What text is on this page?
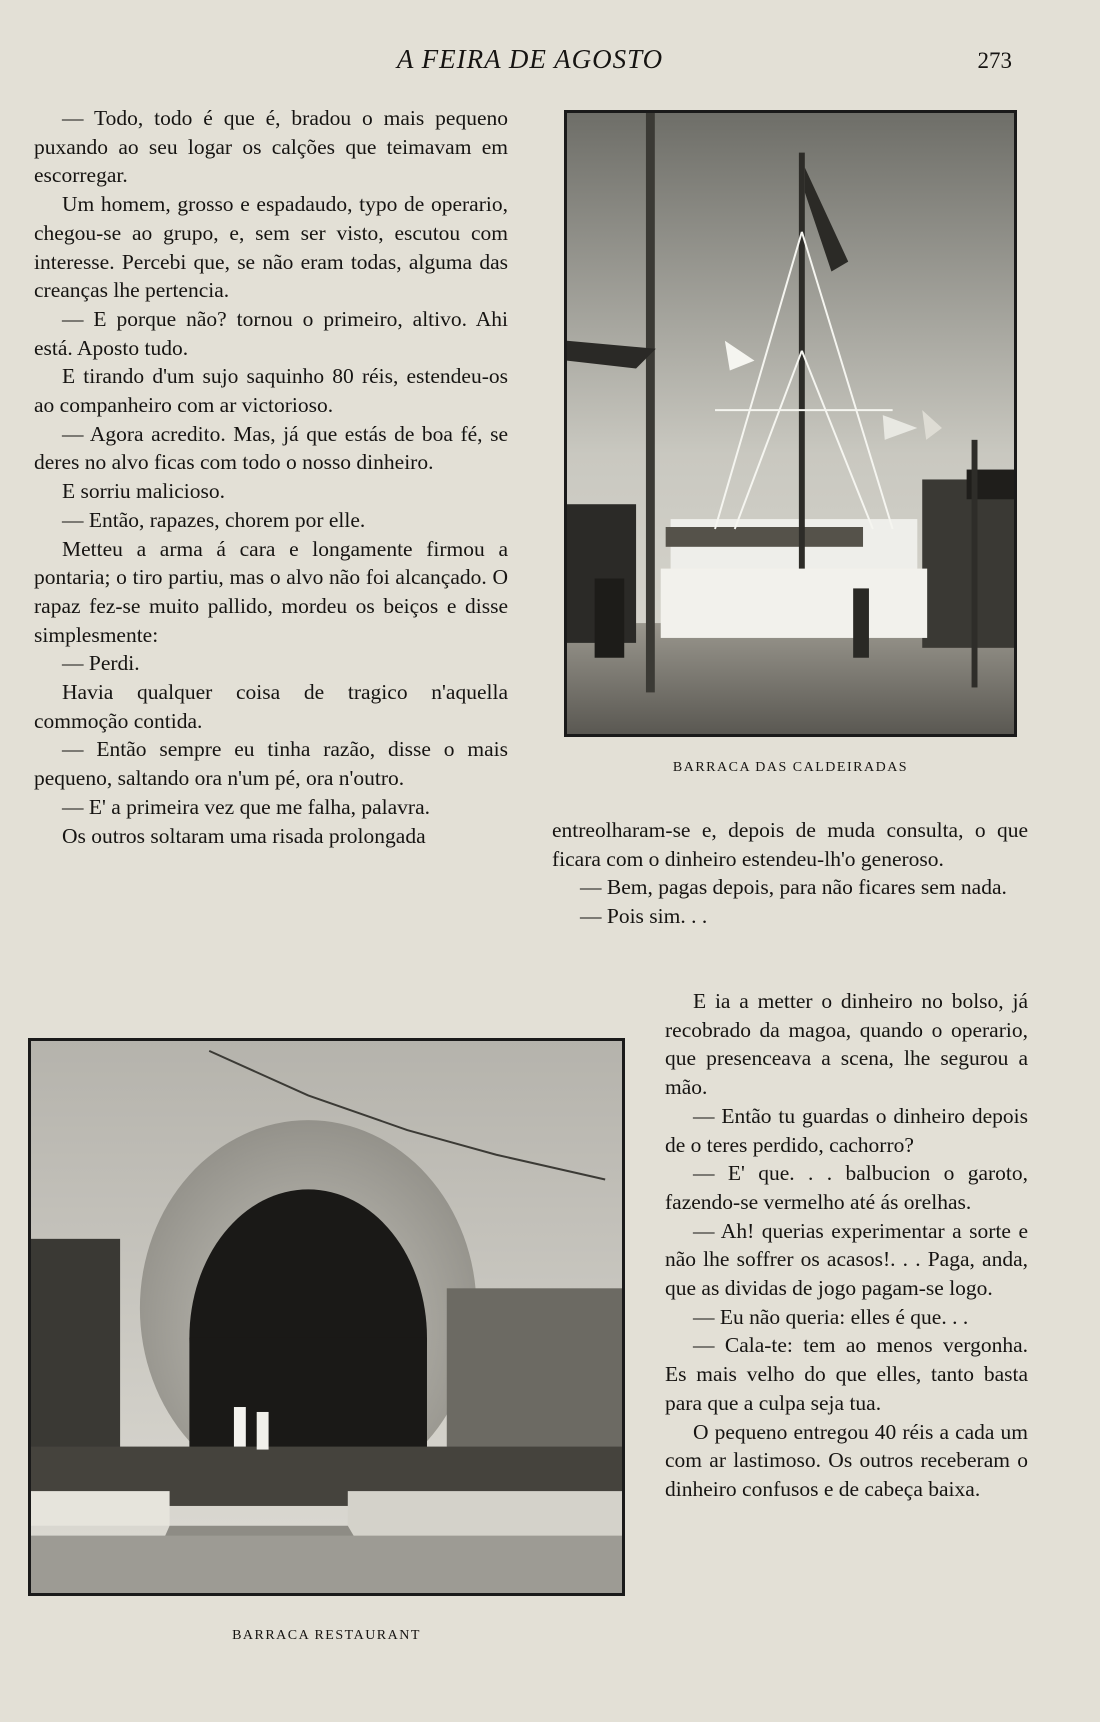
A FEIRA DE AGOSTO	273

— Todo, todo é que é, bradou o mais pequeno puxando ao seu logar os calções que teimavam em escorregar.

Um homem, grosso e espadaudo, typo de operario, chegou-se ao grupo, e, sem ser visto, escutou com interesse. Percebi que, se não eram todas, alguma das creanças lhe pertencia.

— E porque não? tornou o primeiro, altivo. Ahi está. Aposto tudo.

E tirando d'um sujo saquinho 80 réis, estendeu-os ao companheiro com ar victorioso.

— Agora acredito. Mas, já que estás de boa fé, se deres no alvo ficas com todo o nosso dinheiro.

E sorriu malicioso.

— Então, rapazes, chorem por elle.

Metteu a arma á cara e longamente firmou a pontaria; o tiro partiu, mas o alvo não foi alcançado. O rapaz fez-se muito pallido, mordeu os beiços e disse simplesmente:

— Perdi.

Havia qualquer coisa de tragico n'aquella commoção contida.

— Então sempre eu tinha razão, disse o mais pequeno, saltando ora n'um pé, ora n'outro.

— E' a primeira vez que me falha, palavra.

Os outros soltaram uma risada prolongada

BARRACA DAS CALDEIRADAS

entreolharam-se e, depois de muda consulta, o que ficara com o dinheiro estendeu-lh'o generoso.

— Bem, pagas depois, para não ficares sem nada.

— Pois sim. . .

E ia a metter o dinheiro no bolso, já recobrado da magoa, quando o operario, que presenceava a scena, lhe segurou a mão.

— Então tu guardas o dinheiro depois de o teres perdido, cachorro?

— E' que. . . balbucion o garoto, fazendo-se vermelho até ás orelhas.

— Ah! querias experimentar a sorte e não lhe soffrer os acasos!. . . Paga, anda, que as dividas de jogo pagam-se logo.

— Eu não queria: elles é que. . .

— Cala-te: tem ao menos vergonha. Es mais velho do que elles, tanto basta para que a culpa seja tua.

O pequeno entregou 40 réis a cada um com ar lastimoso. Os outros receberam o dinheiro confusos e de cabeça baixa.

BARRACA RESTAURANT
